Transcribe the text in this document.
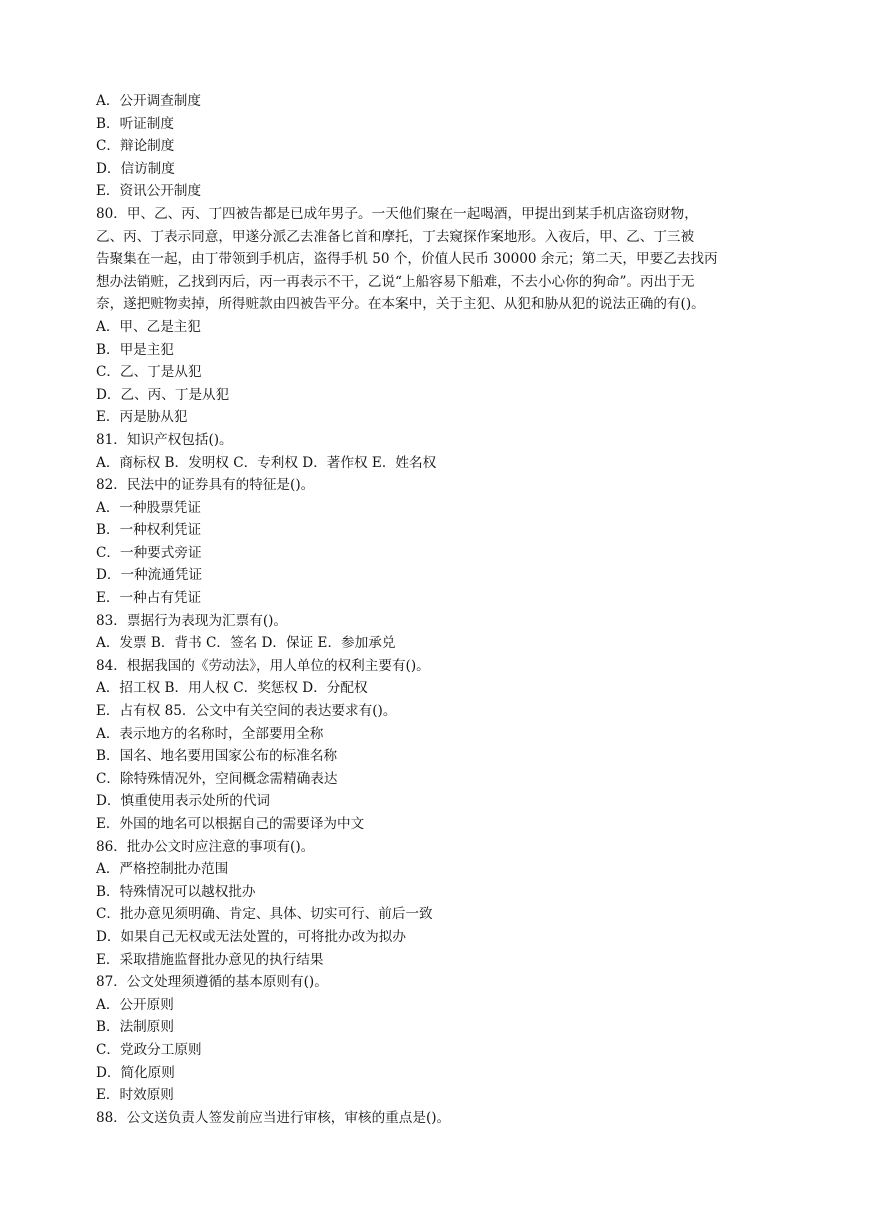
A．公开调查制度
B．听证制度
C．辩论制度
D．信访制度
E．资讯公开制度
80．甲、乙、丙、丁四被告都是已成年男子。一天他们聚在一起喝酒，甲提出到某手机店盗窃财物，
乙、丙、丁表示同意，甲遂分派乙去准备匕首和摩托，丁去窥探作案地形。入夜后，甲、乙、丁三被
告聚集在一起，由丁带领到手机店，盗得手机 50 个，价值人民币 30000 余元；第二天，甲要乙去找丙
想办法销赃，乙找到丙后，丙一再表示不干，乙说“上船容易下船难，不去小心你的狗命”。丙出于无
奈，遂把赃物卖掉，所得赃款由四被告平分。在本案中，关于主犯、从犯和胁从犯的说法正确的有()。
A．甲、乙是主犯
B．甲是主犯
C．乙、丁是从犯
D．乙、丙、丁是从犯
E．丙是胁从犯
81．知识产权包括()。
A．商标权 B．发明权 C．专利权 D．著作权 E．姓名权
82．民法中的证券具有的特征是()。
A．一种股票凭证
B．一种权利凭证
C．一种要式旁证
D．一种流通凭证
E．一种占有凭证
83．票据行为表现为汇票有()。
A．发票 B．背书 C．签名 D．保证 E．参加承兑
84．根据我国的《劳动法》，用人单位的权利主要有()。
A．招工权 B．用人权 C．奖惩权 D．分配权
E．占有权 85．公文中有关空间的表达要求有()。
A．表示地方的名称时，全部要用全称
B．国名、地名要用国家公布的标准名称
C．除特殊情况外，空间概念需精确表达
D．慎重使用表示处所的代词
E．外国的地名可以根据自己的需要译为中文
86．批办公文时应注意的事项有()。
A．严格控制批办范围
B．特殊情况可以越权批办
C．批办意见须明确、肯定、具体、切实可行、前后一致
D．如果自己无权或无法处置的，可将批办改为拟办
E．采取措施监督批办意见的执行结果
87．公文处理须遵循的基本原则有()。
A．公开原则
B．法制原则
C．党政分工原则
D．简化原则
E．时效原则
88．公文送负责人签发前应当进行审核，审核的重点是()。
